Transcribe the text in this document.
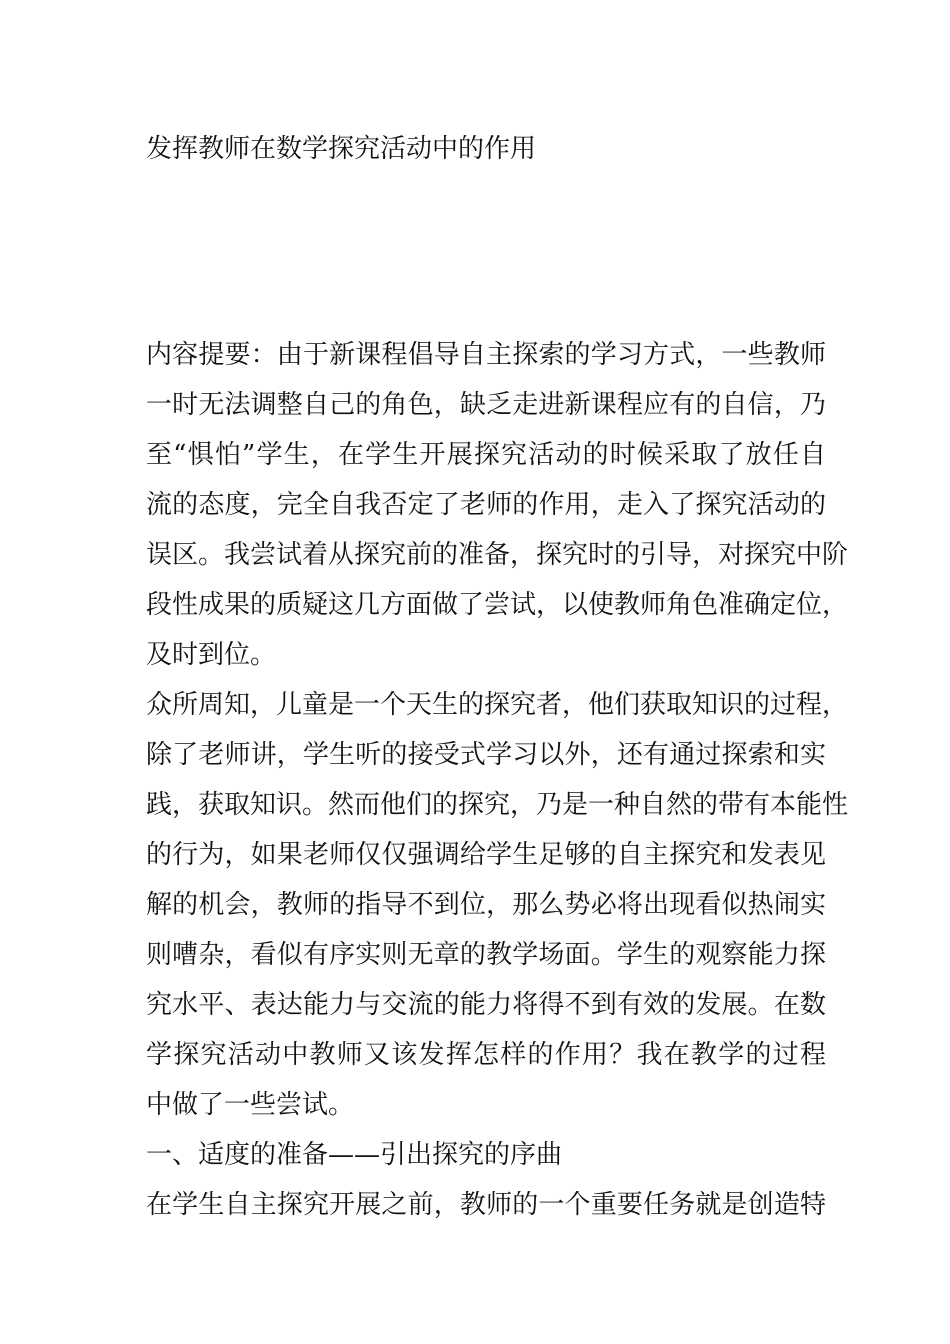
发挥教师在数学探究活动中的作用
内容提要：由于新课程倡导自主探索的学习方式，一些教师
一时无法调整自己的角色，缺乏走进新课程应有的自信，乃
至“惧怕”学生，在学生开展探究活动的时候采取了放任自
流的态度，完全自我否定了老师的作用，走入了探究活动的
误区。我尝试着从探究前的准备，探究时的引导，对探究中阶
段性成果的质疑这几方面做了尝试，以使教师角色准确定位，
及时到位。
众所周知，儿童是一个天生的探究者，他们获取知识的过程，
除了老师讲，学生听的接受式学习以外，还有通过探索和实
践，获取知识。然而他们的探究，乃是一种自然的带有本能性
的行为，如果老师仅仅强调给学生足够的自主探究和发表见
解的机会，教师的指导不到位，那么势必将出现看似热闹实
则嘈杂，看似有序实则无章的教学场面。学生的观察能力探
究水平、表达能力与交流的能力将得不到有效的发展。在数
学探究活动中教师又该发挥怎样的作用？我在教学的过程
中做了一些尝试。
一、适度的准备——引出探究的序曲
在学生自主探究开展之前，教师的一个重要任务就是创造特
